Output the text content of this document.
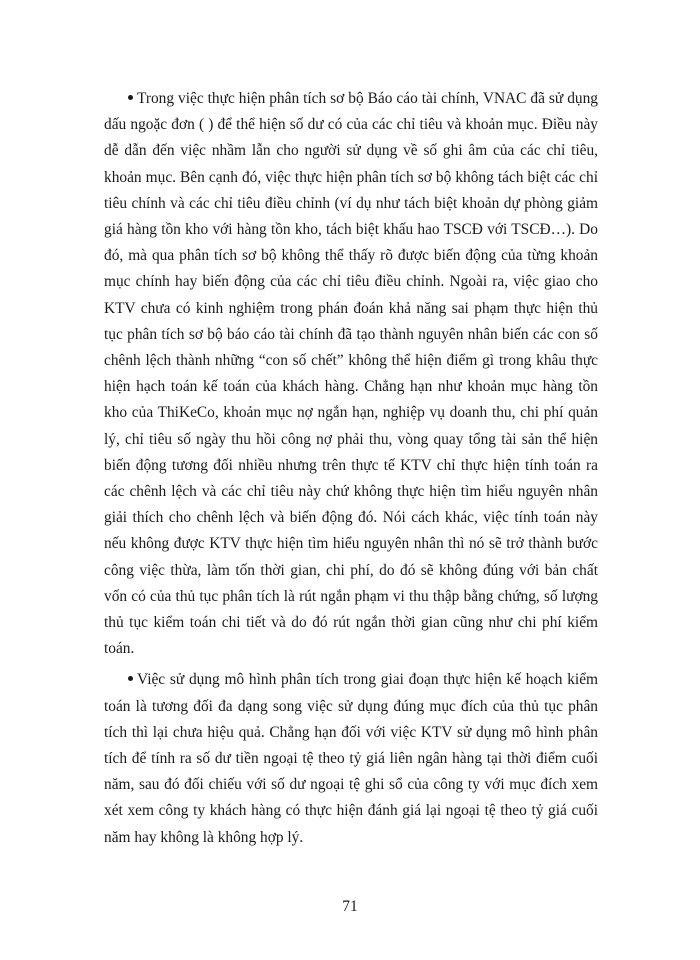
Trong việc thực hiện phân tích sơ bộ Báo cáo tài chính, VNAC đã sử dụng dấu ngoặc đơn ( ) để thể hiện số dư có của các chỉ tiêu và khoản mục. Điều này dễ dẫn đến việc nhầm lẫn cho người sử dụng về số ghi âm của các chỉ tiêu, khoản mục. Bên cạnh đó, việc thực hiện phân tích sơ bộ không tách biệt các chỉ tiêu chính và các chỉ tiêu điều chỉnh (ví dụ như tách biệt khoản dự phòng giảm giá hàng tồn kho với hàng tồn kho, tách biệt khấu hao TSCĐ với TSCĐ…). Do đó, mà qua phân tích sơ bộ không thể thấy rõ được biến động của từng khoản mục chính hay biến động của các chỉ tiêu điều chỉnh. Ngoài ra, việc giao cho KTV chưa có kinh nghiệm trong phán đoán khả năng sai phạm thực hiện thủ tục phân tích sơ bộ báo cáo tài chính đã tạo thành nguyên nhân biến các con số chênh lệch thành những “con số chết” không thể hiện điểm gì trong khâu thực hiện hạch toán kế toán của khách hàng. Chẳng hạn như khoản mục hàng tồn kho của ThiKeCo, khoản mục nợ ngắn hạn, nghiệp vụ doanh thu, chi phí quản lý, chỉ tiêu số ngày thu hồi công nợ phải thu, vòng quay tổng tài sản thể hiện biến động tương đối nhiều nhưng trên thực tế KTV chỉ thực hiện tính toán ra các chênh lệch và các chỉ tiêu này chứ không thực hiện tìm hiểu nguyên nhân giải thích cho chênh lệch và biến động đó. Nói cách khác, việc tính toán này nếu không được KTV thực hiện tìm hiểu nguyên nhân thì nó sẽ trở thành bước công việc thừa, làm tốn thời gian, chi phí, do đó sẽ không đúng với bản chất vốn có của thủ tục phân tích là rút ngắn phạm vi thu thập bằng chứng, số lượng thủ tục kiểm toán chi tiết và do đó rút ngắn thời gian cũng như chi phí kiểm toán.

Việc sử dụng mô hình phân tích trong giai đoạn thực hiện kế hoạch kiểm toán là tương đối đa dạng song việc sử dụng đúng mục đích của thủ tục phân tích thì lại chưa hiệu quả. Chẳng hạn đối với việc KTV sử dụng mô hình phân tích để tính ra số dư tiền ngoại tệ theo tỷ giá liên ngân hàng tại thời điểm cuối năm, sau đó đối chiếu với số dư ngoại tệ ghi sổ của công ty với mục đích xem xét xem công ty khách hàng có thực hiện đánh giá lại ngoại tệ theo tỷ giá cuối năm hay không là không hợp lý.

71
